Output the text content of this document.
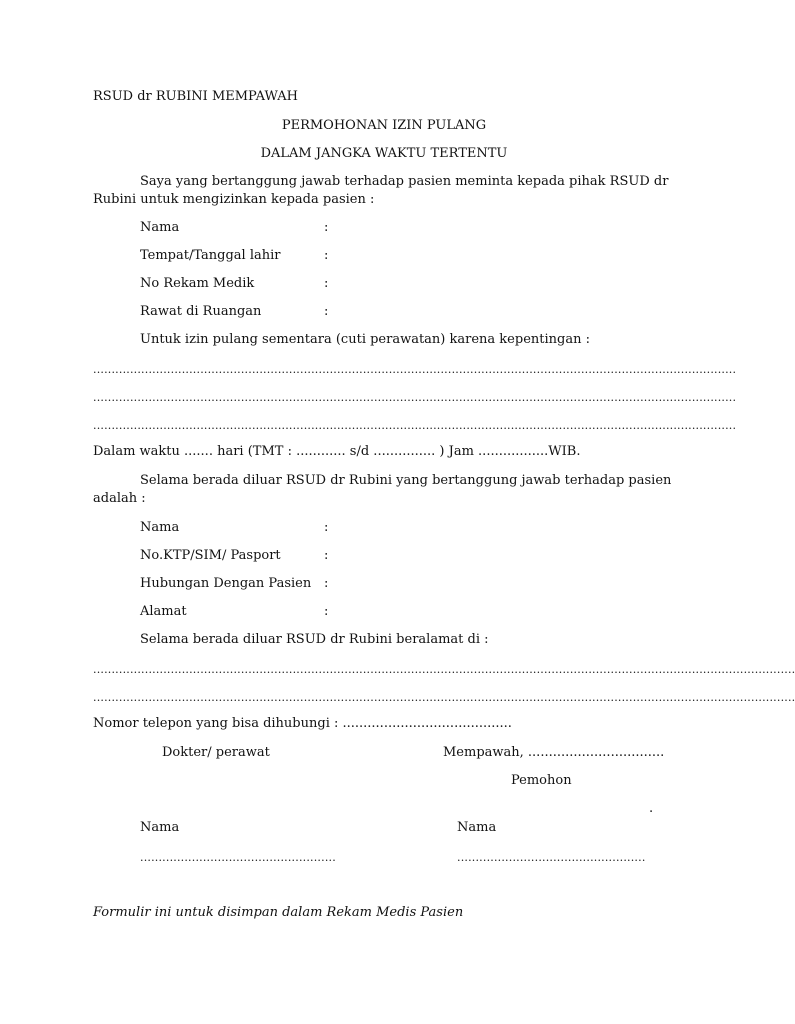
RSUD dr RUBINI MEMPAWAH
PERMOHONAN IZIN PULANG
DALAM JANGKA WAKTU TERTENTU
Saya yang bertanggung jawab terhadap pasien meminta kepada pihak RSUD dr
Rubini untuk mengizinkan kepada pasien :
Nama	:
Tempat/Tanggal lahir	:
No Rekam Medik	:
Rawat di Ruangan	:
Untuk izin pulang sementara (cuti perawatan) karena kepentingan :
..............................................................................................................................................................................
..............................................................................................................................................................................
..............................................................................................................................................................................
Dalam waktu ....... hari (TMT : ............ s/d ............... ) Jam .................WIB.
Selama berada diluar RSUD dr Rubini yang bertanggung jawab terhadap pasien
adalah :
Nama	:
No.KTP/SIM/ Pasport	:
Hubungan Dengan Pasien :
Alamat	:
Selama berada diluar RSUD dr Rubini beralamat di :
..............................................................................................................................................................................................
..............................................................................................................................................................................................
Nomor telepon yang bisa dihubungi : .........................................
Dokter/ perawat	Mempawah, .................................
Pemohon
.
Nama	Nama
.....................................................	...................................................
Formulir ini untuk disimpan dalam Rekam Medis Pasien
